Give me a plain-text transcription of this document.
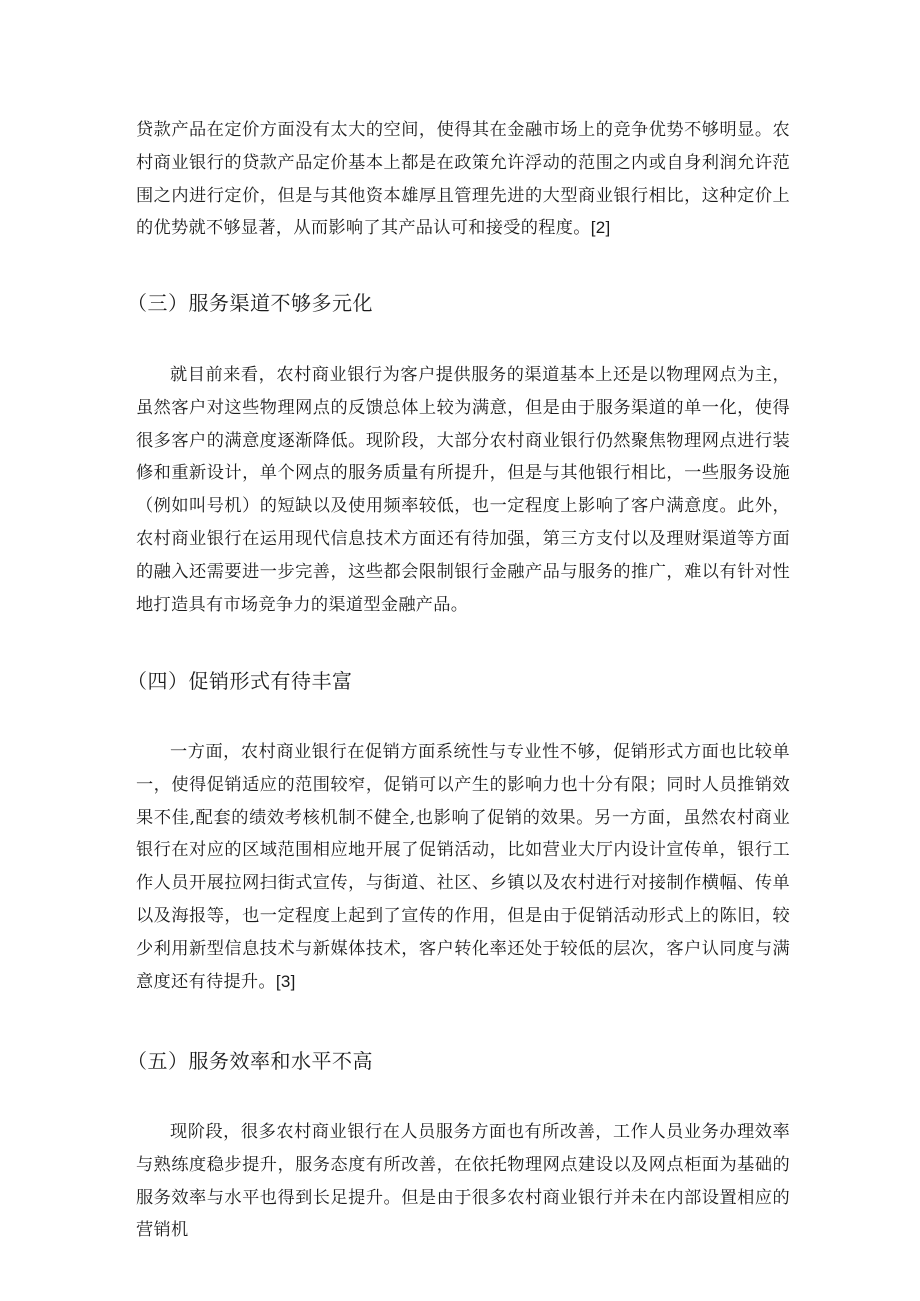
贷款产品在定价方面没有太大的空间，使得其在金融市场上的竞争优势不够明显。农村商业银行的贷款产品定价基本上都是在政策允许浮动的范围之内或自身利润允许范围之内进行定价，但是与其他资本雄厚且管理先进的大型商业银行相比，这种定价上的优势就不够显著，从而影响了其产品认可和接受的程度。[2]

（三）服务渠道不够多元化

就目前来看，农村商业银行为客户提供服务的渠道基本上还是以物理网点为主，虽然客户对这些物理网点的反馈总体上较为满意，但是由于服务渠道的单一化，使得很多客户的满意度逐渐降低。现阶段，大部分农村商业银行仍然聚焦物理网点进行装修和重新设计，单个网点的服务质量有所提升，但是与其他银行相比，一些服务设施（例如叫号机）的短缺以及使用频率较低，也一定程度上影响了客户满意度。此外，农村商业银行在运用现代信息技术方面还有待加强，第三方支付以及理财渠道等方面的融入还需要进一步完善，这些都会限制银行金融产品与服务的推广，难以有针对性地打造具有市场竞争力的渠道型金融产品。

（四）促销形式有待丰富

一方面，农村商业银行在促销方面系统性与专业性不够，促销形式方面也比较单一，使得促销适应的范围较窄，促销可以产生的影响力也十分有限；同时人员推销效果不佳,配套的绩效考核机制不健全,也影响了促销的效果。另一方面，虽然农村商业银行在对应的区域范围相应地开展了促销活动，比如营业大厅内设计宣传单，银行工作人员开展拉网扫街式宣传，与街道、社区、乡镇以及农村进行对接制作横幅、传单以及海报等，也一定程度上起到了宣传的作用，但是由于促销活动形式上的陈旧，较少利用新型信息技术与新媒体技术，客户转化率还处于较低的层次，客户认同度与满意度还有待提升。[3]

（五）服务效率和水平不高

现阶段，很多农村商业银行在人员服务方面也有所改善，工作人员业务办理效率与熟练度稳步提升，服务态度有所改善，在依托物理网点建设以及网点柜面为基础的服务效率与水平也得到长足提升。但是由于很多农村商业银行并未在内部设置相应的营销机
